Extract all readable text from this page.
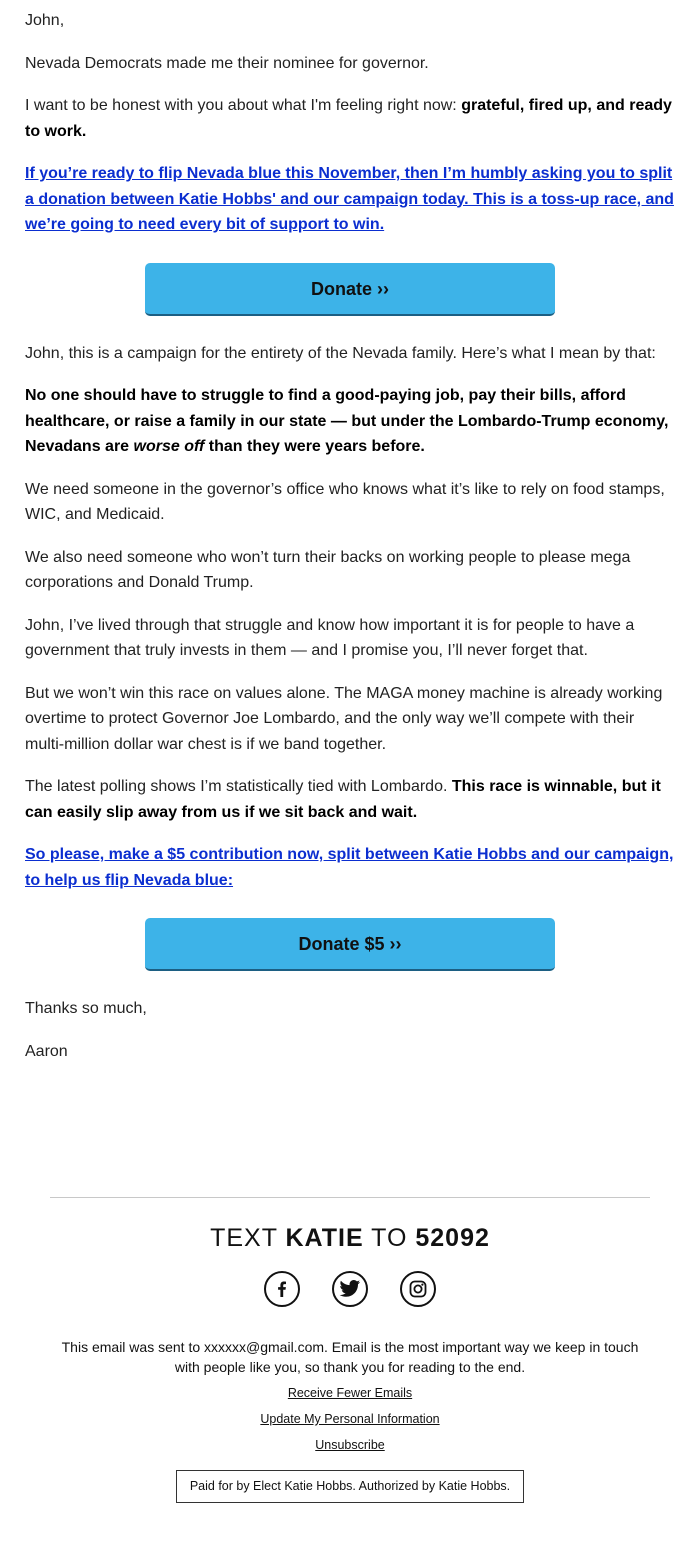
John,

Nevada Democrats made me their nominee for governor.

I want to be honest with you about what I'm feeling right now: grateful, fired up, and ready to work.

If you’re ready to flip Nevada blue this November, then I’m humbly asking you to split a donation between Katie Hobbs' and our campaign today. This is a toss-up race, and we’re going to need every bit of support to win.

Donate ››

John, this is a campaign for the entirety of the Nevada family. Here’s what I mean by that:

No one should have to struggle to find a good-paying job, pay their bills, afford healthcare, or raise a family in our state — but under the Lombardo-Trump economy, Nevadans are worse off than they were years before.

We need someone in the governor’s office who knows what it’s like to rely on food stamps, WIC, and Medicaid.

We also need someone who won’t turn their backs on working people to please mega corporations and Donald Trump.

John, I’ve lived through that struggle and know how important it is for people to have a government that truly invests in them — and I promise you, I’ll never forget that.

But we won’t win this race on values alone. The MAGA money machine is already working overtime to protect Governor Joe Lombardo, and the only way we’ll compete with their multi-million dollar war chest is if we band together.

The latest polling shows I’m statistically tied with Lombardo. This race is winnable, but it can easily slip away from us if we sit back and wait.

So please, make a $5 contribution now, split between Katie Hobbs and our campaign, to help us flip Nevada blue:

Donate $5 ››

Thanks so much,

Aaron

TEXT KATIE TO 52092

This email was sent to xxxxxx@gmail.com. Email is the most important way we keep in touch with people like you, so thank you for reading to the end.

Receive Fewer Emails
Update My Personal Information
Unsubscribe
Paid for by Elect Katie Hobbs. Authorized by Katie Hobbs.
